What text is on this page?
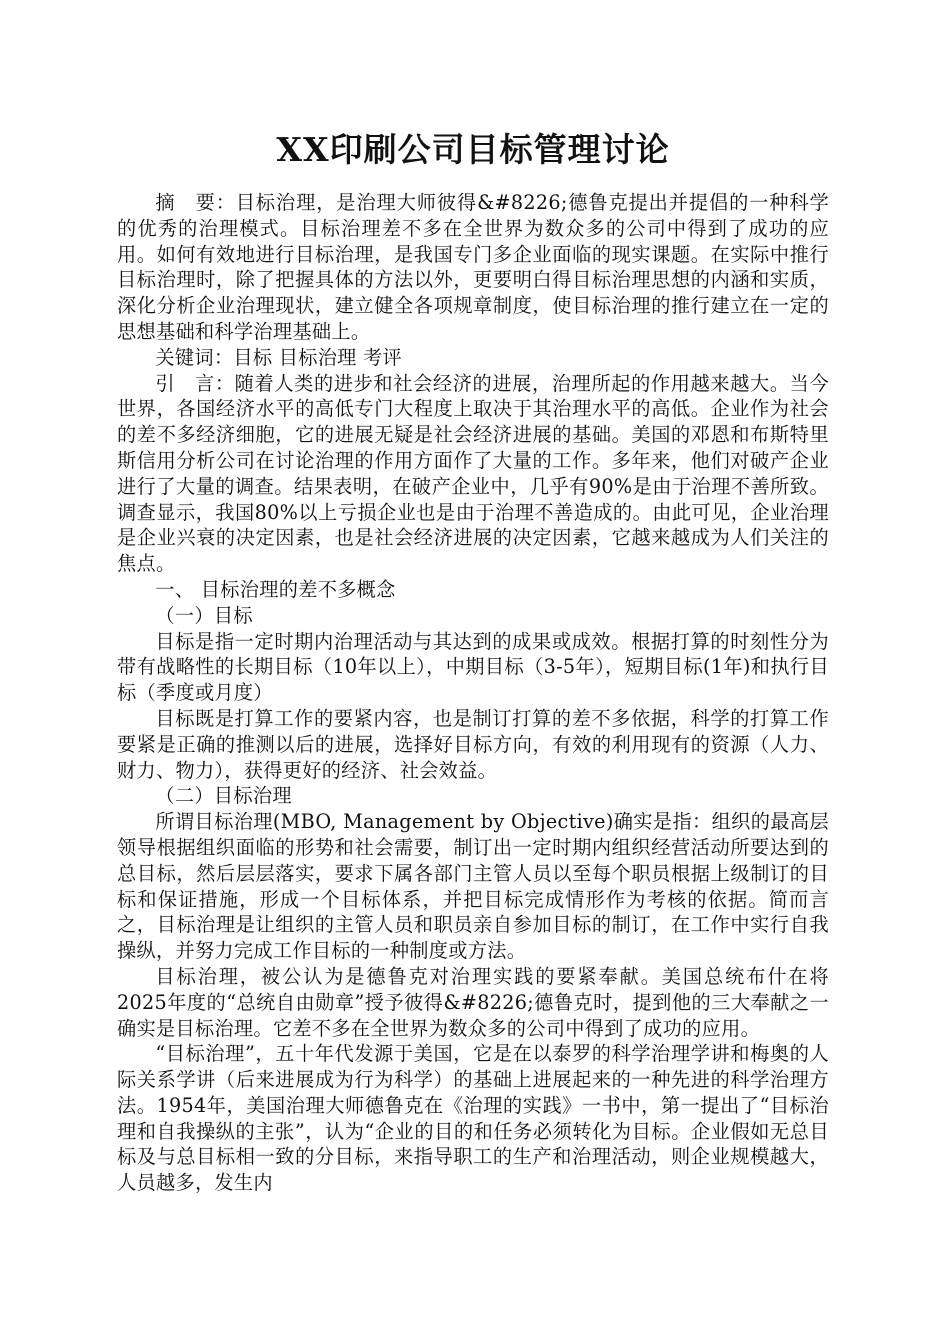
XX印刷公司目标管理讨论

摘　要：目标治理，是治理大师彼得&#8226;德鲁克提出并提倡的一种科学的优秀的治理模式。目标治理差不多在全世界为数众多的公司中得到了成功的应用。如何有效地进行目标治理，是我国专门多企业面临的现实课题。在实际中推行目标治理时，除了把握具体的方法以外，更要明白得目标治理思想的内涵和实质，深化分析企业治理现状，建立健全各项规章制度，使目标治理的推行建立在一定的思想基础和科学治理基础上。

关键词：目标 目标治理 考评

引　言：随着人类的进步和社会经济的进展，治理所起的作用越来越大。当今世界，各国经济水平的高低专门大程度上取决于其治理水平的高低。企业作为社会的差不多经济细胞，它的进展无疑是社会经济进展的基础。美国的邓恩和布斯特里斯信用分析公司在讨论治理的作用方面作了大量的工作。多年来，他们对破产企业进行了大量的调查。结果表明，在破产企业中，几乎有90%是由于治理不善所致。调查显示，我国80%以上亏损企业也是由于治理不善造成的。由此可见，企业治理是企业兴衰的决定因素，也是社会经济进展的决定因素，它越来越成为人们关注的焦点。

一、 目标治理的差不多概念

（一）目标

目标是指一定时期内治理活动与其达到的成果或成效。根据打算的时刻性分为带有战略性的长期目标（10年以上），中期目标（3-5年），短期目标(1年)和执行目标（季度或月度）

目标既是打算工作的要紧内容，也是制订打算的差不多依据，科学的打算工作要紧是正确的推测以后的进展，选择好目标方向，有效的利用现有的资源（人力、财力、物力），获得更好的经济、社会效益。

（二）目标治理

所谓目标治理(MBO, Management by Objective)确实是指：组织的最高层领导根据组织面临的形势和社会需要，制订出一定时期内组织经营活动所要达到的总目标，然后层层落实，要求下属各部门主管人员以至每个职员根据上级制订的目标和保证措施，形成一个目标体系，并把目标完成情形作为考核的依据。简而言之，目标治理是让组织的主管人员和职员亲自参加目标的制订，在工作中实行自我操纵，并努力完成工作目标的一种制度或方法。

目标治理，被公认为是德鲁克对治理实践的要紧奉献。美国总统布什在将2025年度的“总统自由勋章”授予彼得&#8226;德鲁克时，提到他的三大奉献之一确实是目标治理。它差不多在全世界为数众多的公司中得到了成功的应用。

“目标治理”，五十年代发源于美国，它是在以泰罗的科学治理学讲和梅奥的人际关系学讲（后来进展成为行为科学）的基础上进展起来的一种先进的科学治理方法。1954年，美国治理大师德鲁克在《治理的实践》一书中，第一提出了“目标治理和自我操纵的主张”，认为“企业的目的和任务必须转化为目标。企业假如无总目标及与总目标相一致的分目标，来指导职工的生产和治理活动，则企业规模越大，人员越多，发生内
